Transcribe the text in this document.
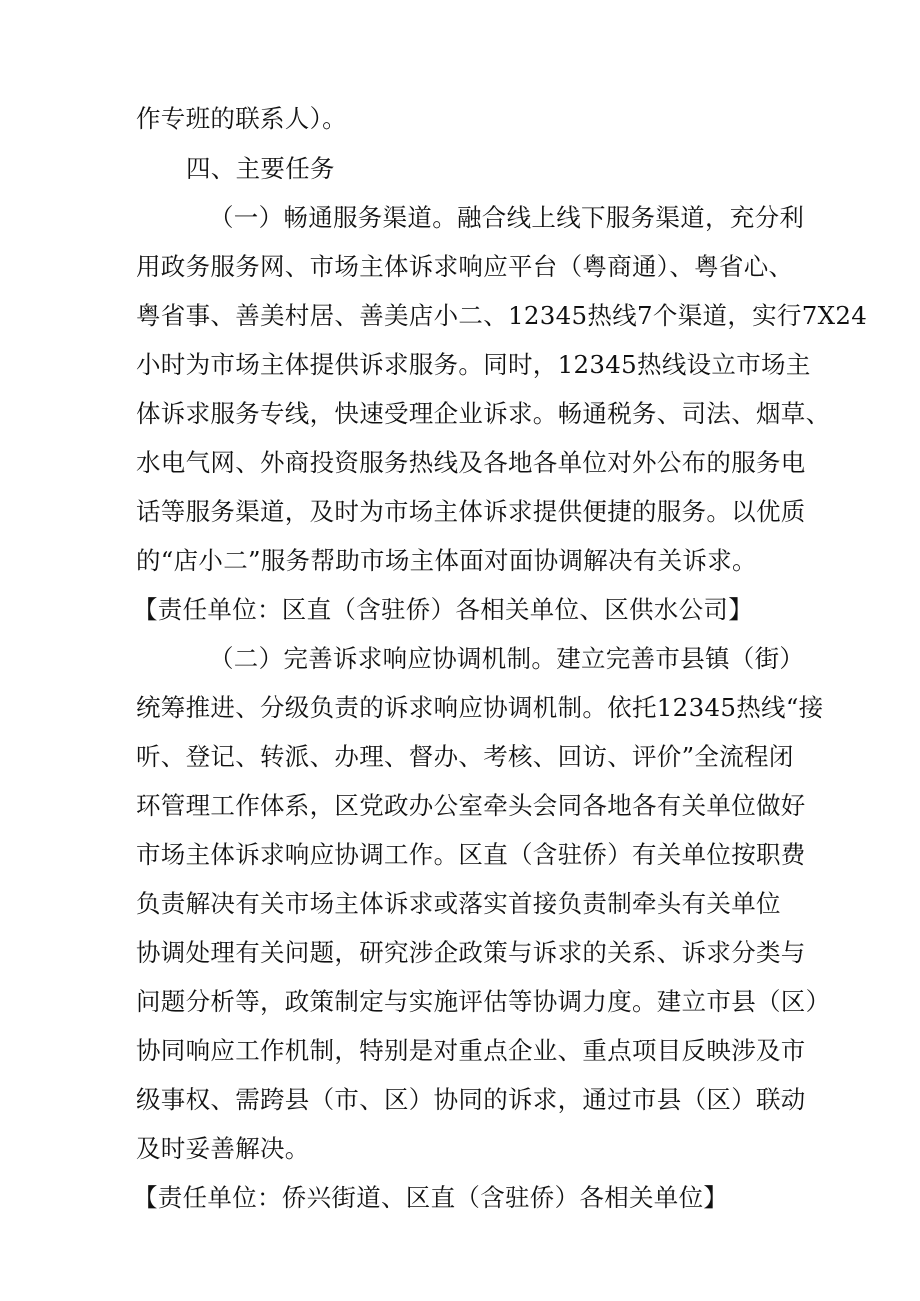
作专班的联系人）。
四、主要任务
（一）畅通服务渠道。融合线上线下服务渠道，充分利
用政务服务网、市场主体诉求响应平台（粤商通）、粤省心、
粤省事、善美村居、善美店小二、12345热线7个渠道，实行7X24
小时为市场主体提供诉求服务。同时，12345热线设立市场主
体诉求服务专线，快速受理企业诉求。畅通税务、司法、烟草、
水电气网、外商投资服务热线及各地各单位对外公布的服务电
话等服务渠道，及时为市场主体诉求提供便捷的服务。以优质
的“店小二”服务帮助市场主体面对面协调解决有关诉求。
【责任单位：区直（含驻侨）各相关单位、区供水公司】
（二）完善诉求响应协调机制。建立完善市县镇（街）
统筹推进、分级负责的诉求响应协调机制。依托12345热线“接
听、登记、转派、办理、督办、考核、回访、评价”全流程闭
环管理工作体系，区党政办公室牵头会同各地各有关单位做好
市场主体诉求响应协调工作。区直（含驻侨）有关单位按职费
负责解决有关市场主体诉求或落实首接负责制牵头有关单位
协调处理有关问题，研究涉企政策与诉求的关系、诉求分类与
问题分析等，政策制定与实施评估等协调力度。建立市县（区）
协同响应工作机制，特别是对重点企业、重点项目反映涉及市
级事权、需跨县（市、区）协同的诉求，通过市县（区）联动
及时妥善解决。
【责任单位：侨兴街道、区直（含驻侨）各相关单位】
